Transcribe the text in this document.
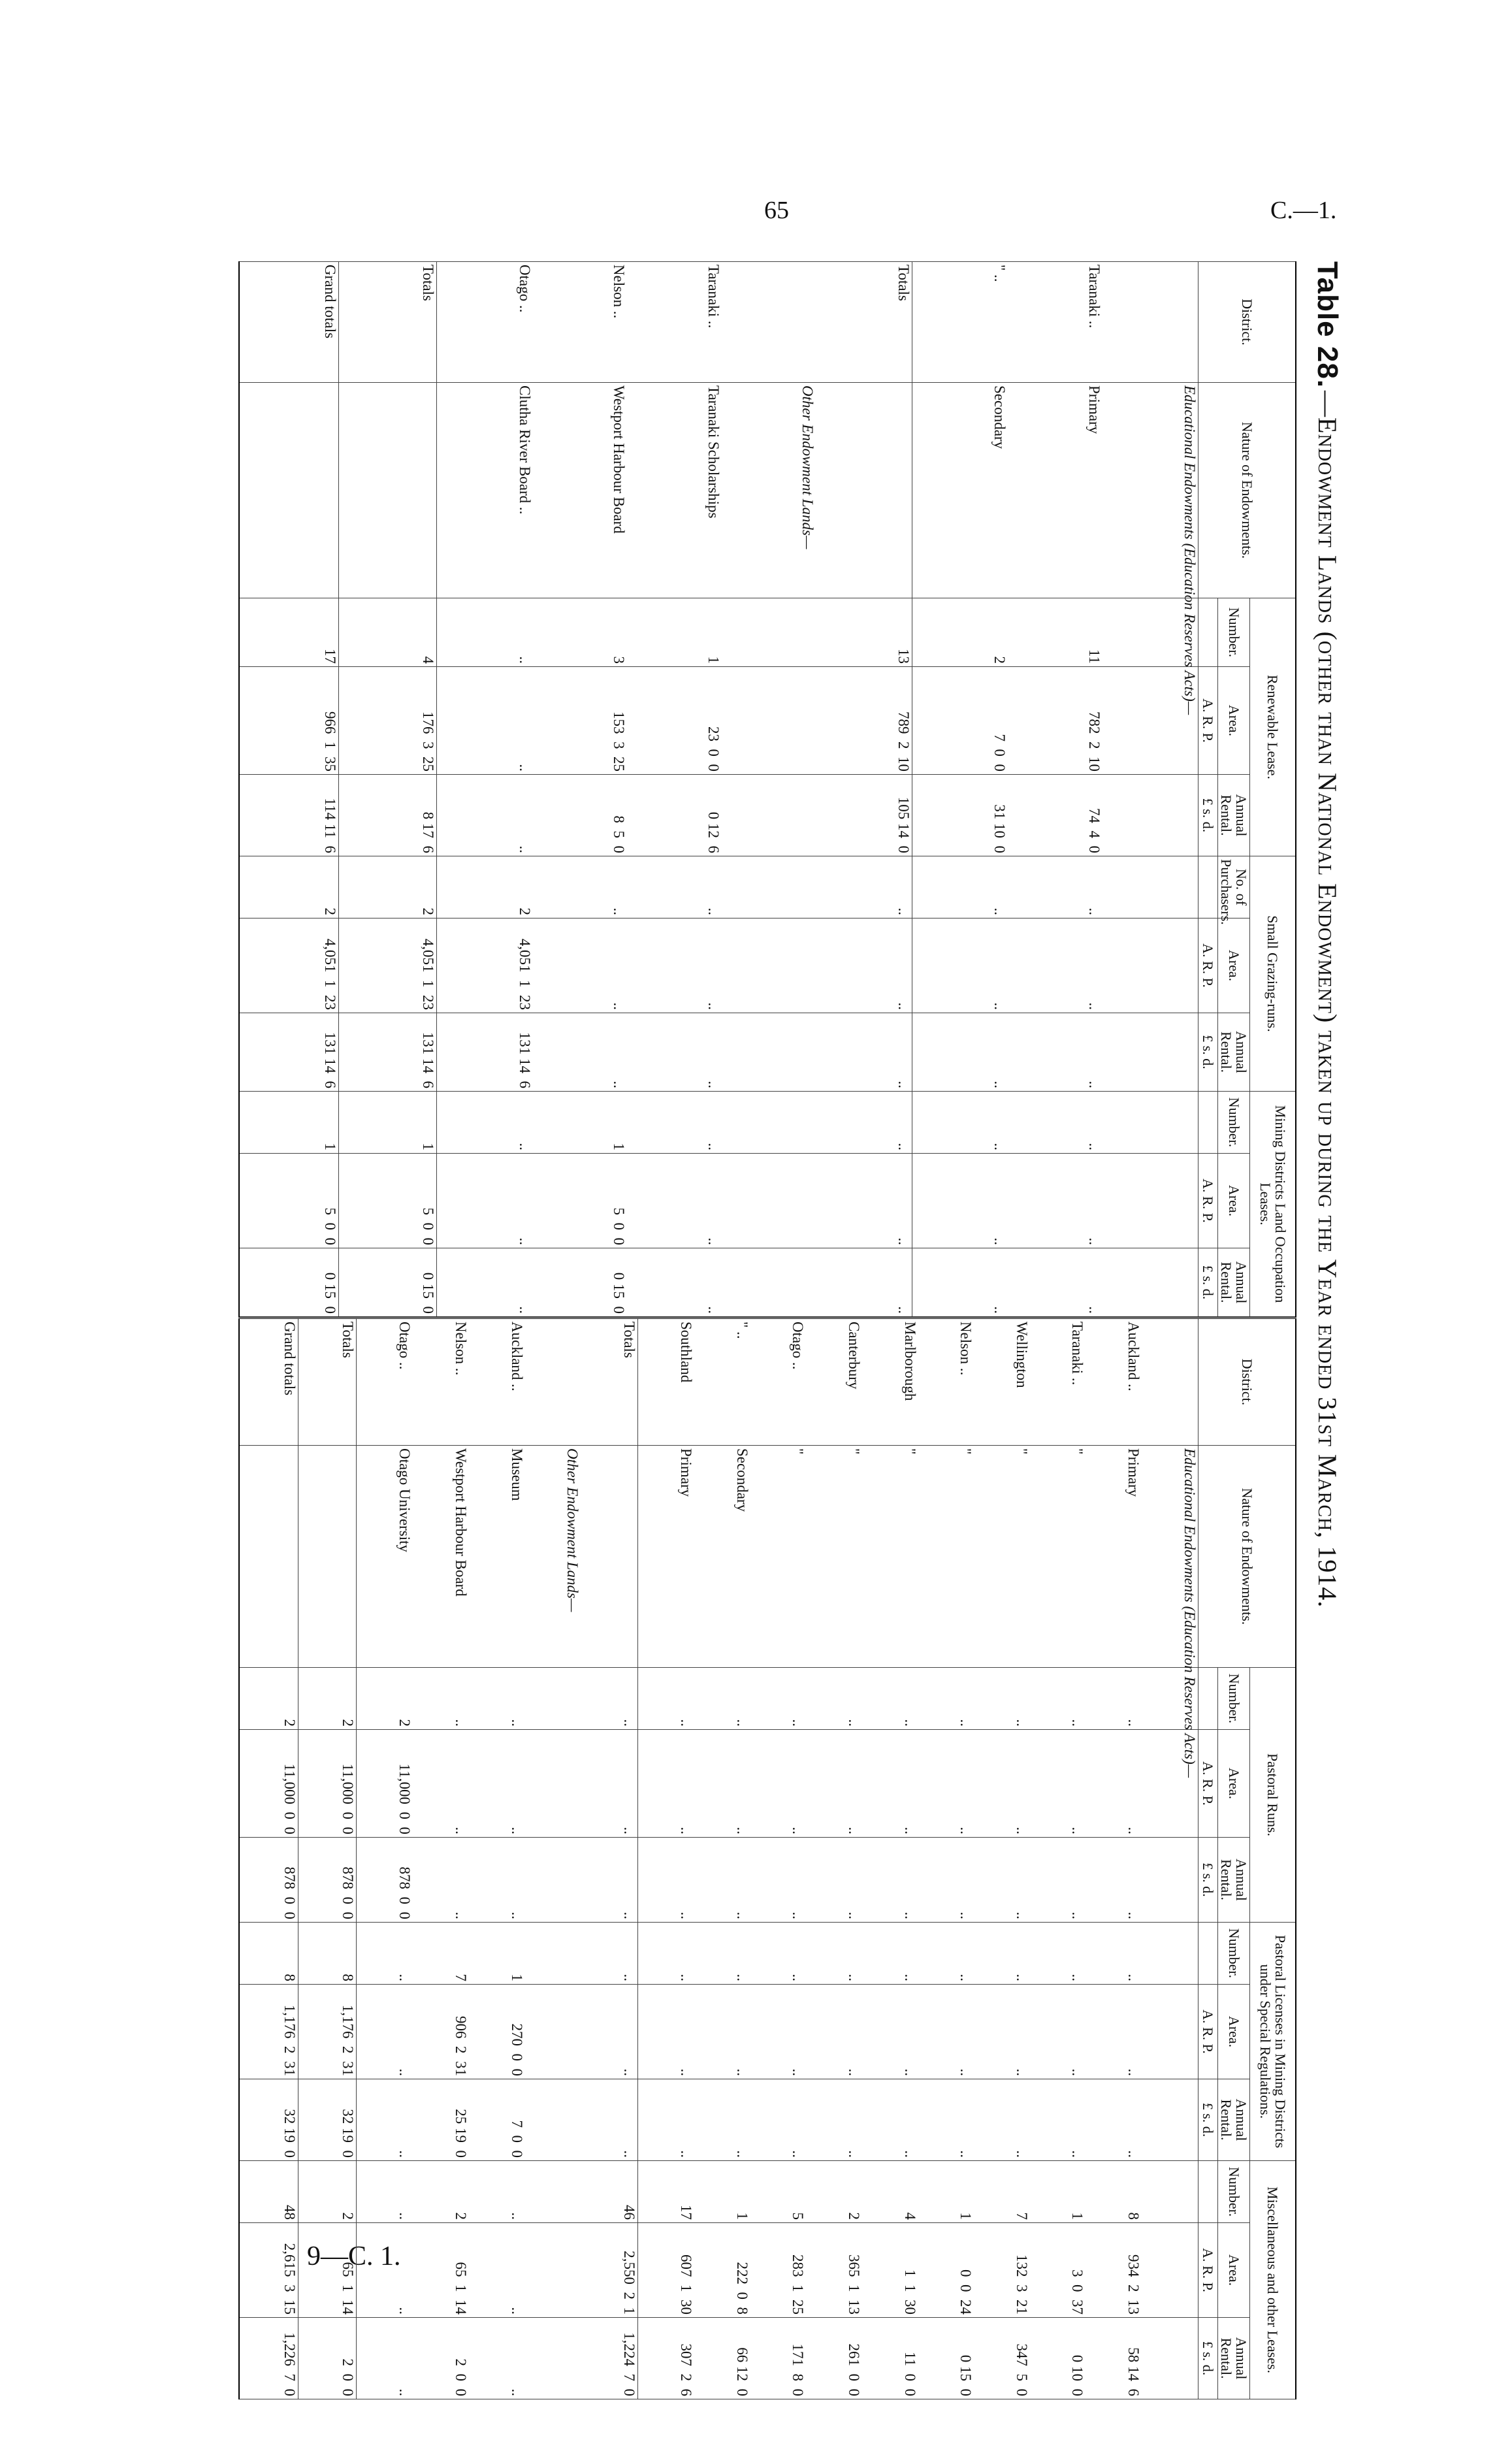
65	C.—1.
9—C. 1.
Table 28.
—Endowment Lands (other than National Endowment) taken up during the Year ended 31st March, 1914.
District.	Nature of Endowments.	Renewable Lease.			Small Grazing-runs.			Mining Districts Land Occupation Leases.		
		Number.	Area.	Annual Rental.	No. of Purchasers.	Area.	Annual Rental.	Number.	Area.	Annual Rental.
			A. R. P.	£ s. d.		A. R. P.	£ s. d.		A. R. P.	£ s. d.
	Educational Endowments (Education Reserves Acts)—									
Taranaki ..	Primary	11	782  2  10	74  4  0	..	..	..	..	..	..
" ..	Secondary	2	7  0  0	31 10  0	..	..	..	..	..	..
Totals		13	789  2  10	105 14  0	..	..	..	..	..	..
	Other Endowment Lands—									
Taranaki ..	Taranaki Scholarships	1	23  0  0	0 12  6	..	..	..	..	..	..
Nelson ..	Westport Harbour Board	3	153  3  25	8  5  0	..	..	..	1	5  0  0	0 15  0
Otago ..	Clutha River Board ..	..	..	..	2	4,051  1  23	131 14  6	..	..	..
Totals		4	176  3  25	8 17  6	2	4,051  1  23	131 14  6	1	5  0  0	0 15  0
Grand totals		17	966  1  35	114 11  6	2	4,051  1  23	131 14  6	1	5  0  0	0 15  0
District.	Nature of Endowments.	Pastoral Runs.			Pastoral Licenses in Mining Districts under Special Regulations.			Miscellaneous and other Leases.		
		Number.	Area.	Annual Rental.	Number.	Area.	Annual Rental.	Number.	Area.	Annual Rental.
			A. R. P.	£ s. d.		A. R. P.	£ s. d.		A. R. P.	£ s. d.
	Educational Endowments (Education Reserves Acts)—									
Auckland ..	Primary	..	..	..	..	..	..	8	934  2  13	58 14  6
Taranaki ..	"	..	..	..	..	..	..	1	3  0  37	0 10  0
Wellington	"	..	..	..	..	..	..	7	132  3  21	347  5  0
Nelson ..	"	..	..	..	..	..	..	1	0  0  24	0 15  0
Marlborough	"	..	..	..	..	..	..	4	1  1  30	11  0  0
Canterbury	"	..	..	..	..	..	..	2	365  1  13	261  0  0
Otago ..	"	..	..	..	..	..	..	5	283  1  25	171  8  0
" ..	Secondary	..	..	..	..	..	..	1	222  0  8	66 12  0
Southland	Primary	..	..	..	..	..	..	17	607  1  30	307  2  6
Totals		..	..	..	..	..	..	46	2,550  2  1	1,224  7  0
	Other Endowment Lands—									
Auckland ..	Museum	..	..	..	1	270  0  0	7  0  0	..	..	..
Nelson ..	Westport Harbour Board	..	..	..	7	906  2  31	25 19  0	2	65  1  14	2  0  0
Otago ..	Otago University	2	11,000  0  0	878  0  0	..	..	..	..	..	..
Totals		2	11,000  0  0	878  0  0	8	1,176  2  31	32 19  0	2	65  1  14	2  0  0
Grand totals		2	11,000  0  0	878  0  0	8	1,176  2  31	32 19  0	48	2,615  3  15	1,226  7  0
